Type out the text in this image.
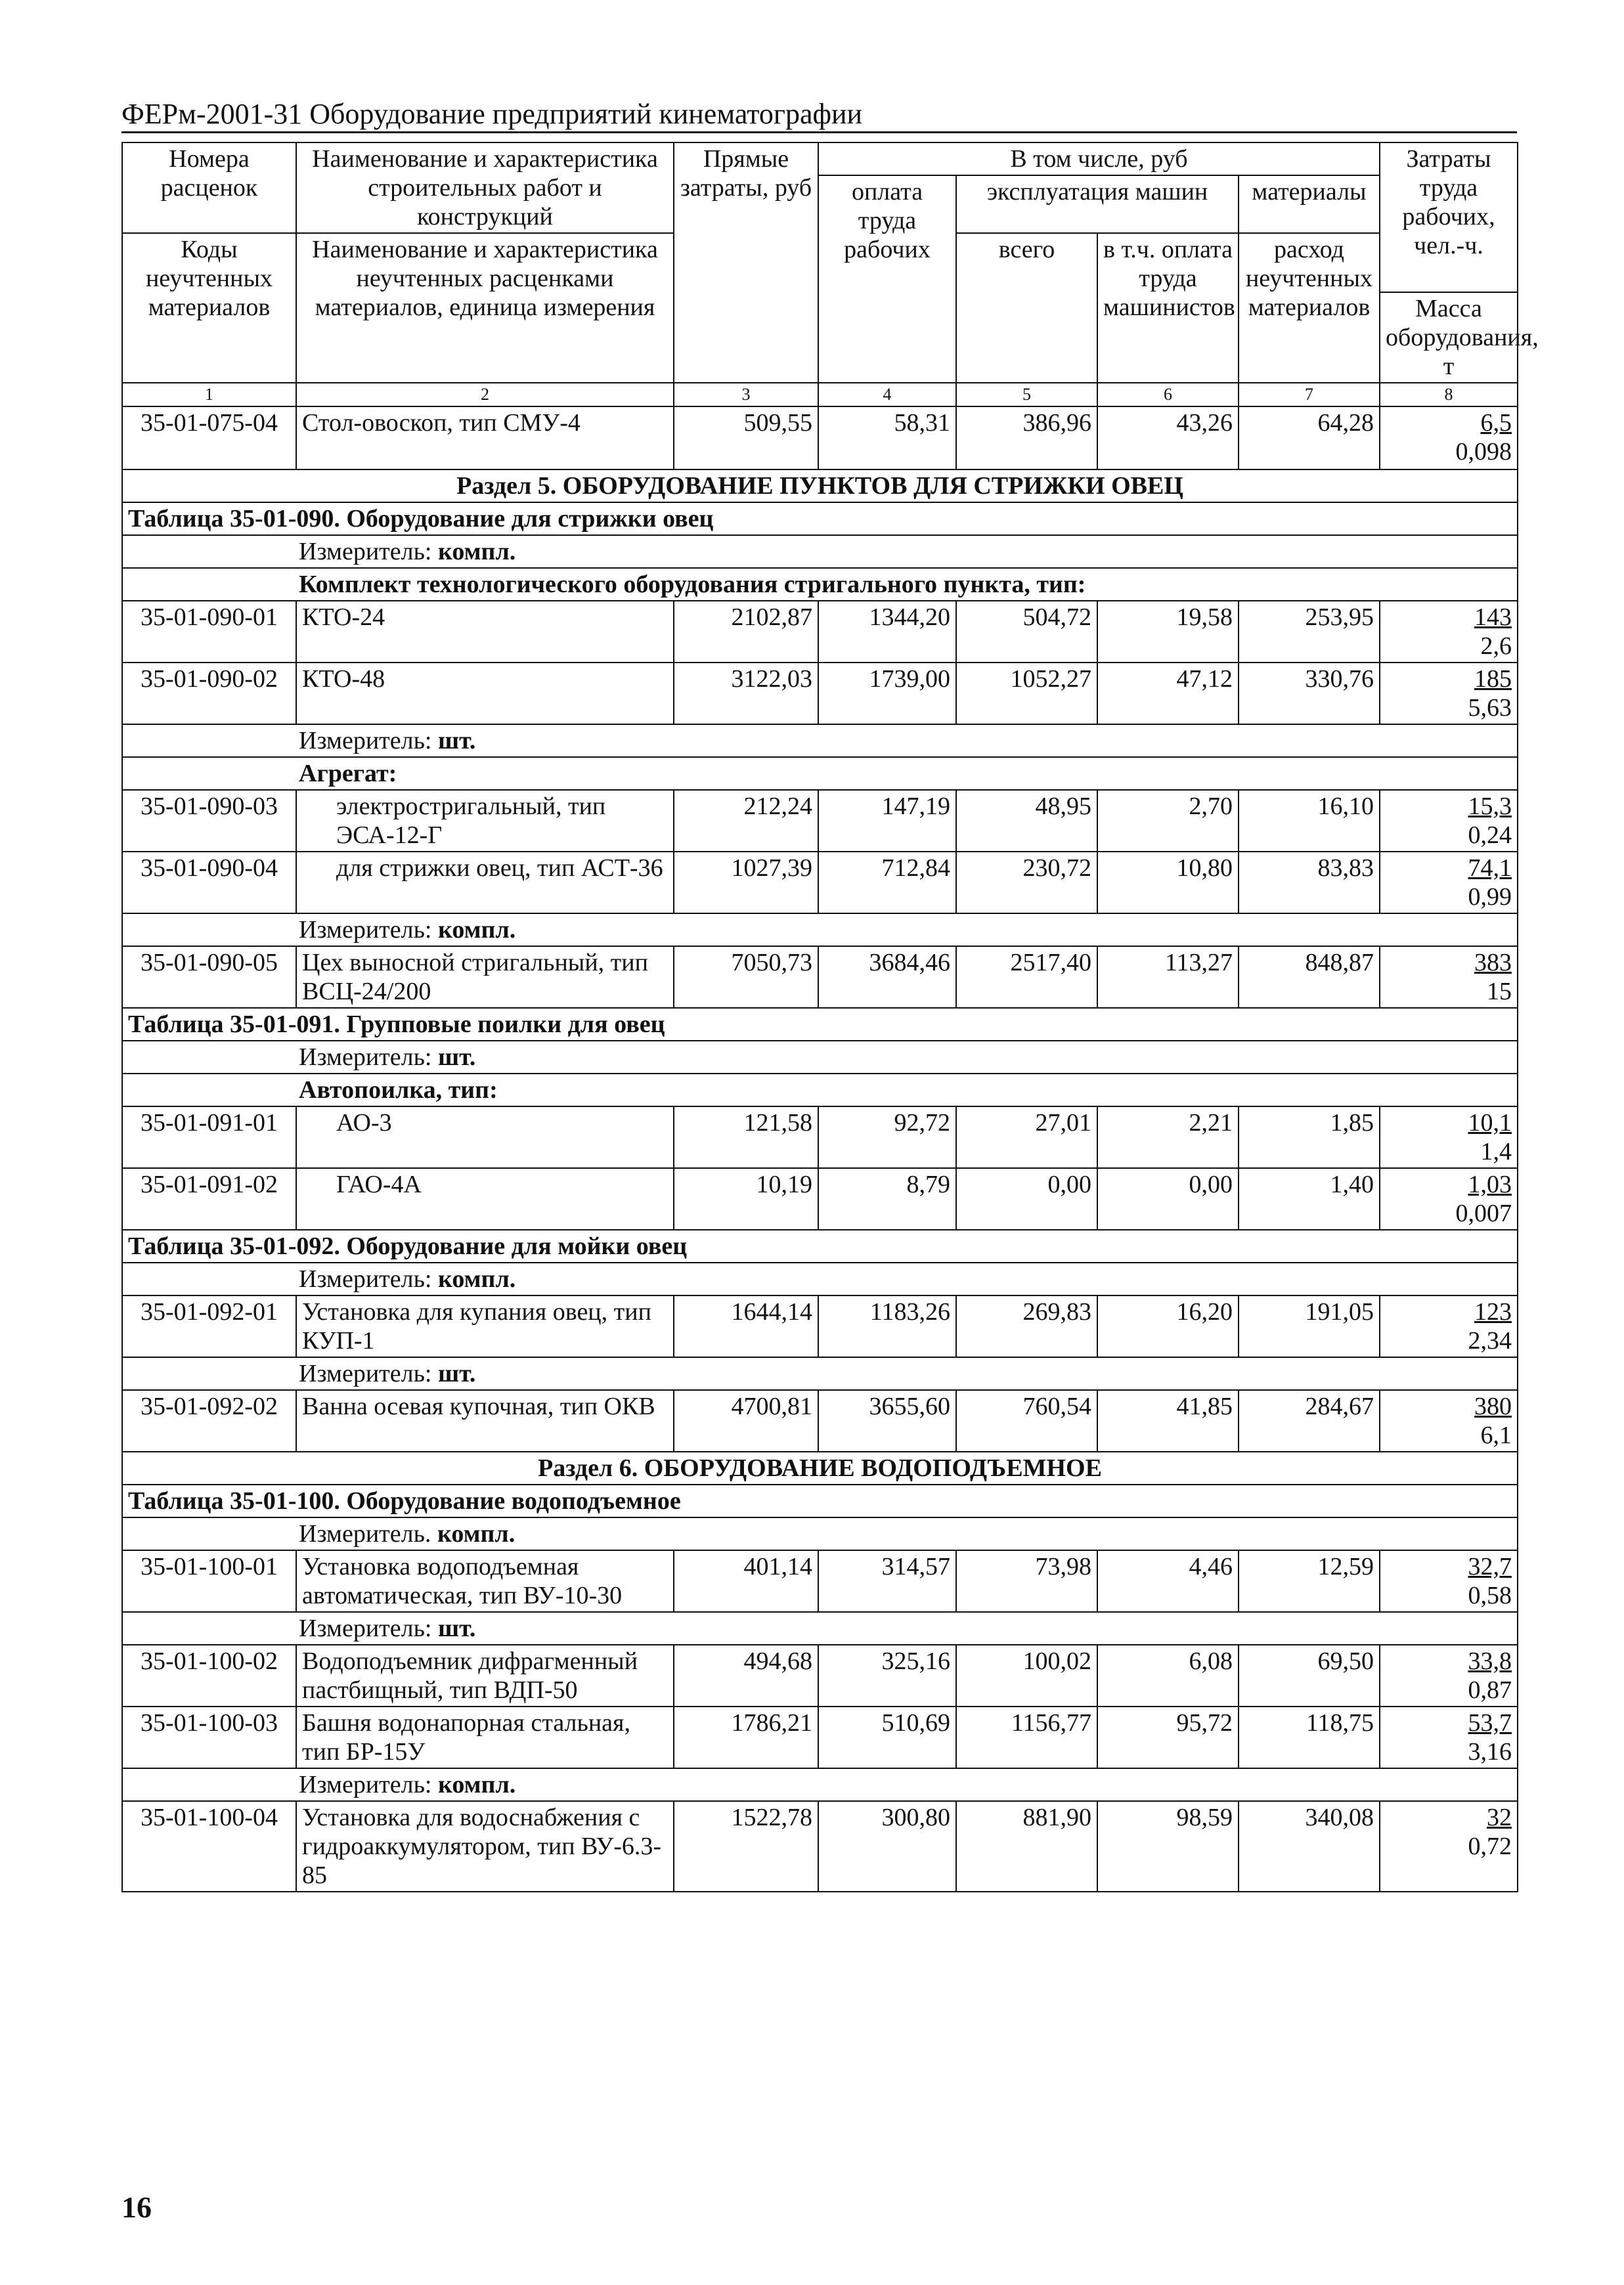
ФЕРм-2001-31 Оборудование предприятий кинематографии
Номера расценок	Наименование и характеристика строительных работ и конструкций	Прямые затраты, руб	В том числе, руб				Затраты труда рабочих, чел.-ч.
			оплата труда рабочих	эксплуатация машин		материалы	
Коды неучтенных материалов	Наименование и характеристика неучтенных расценками материалов, единица измерения			всего	в т.ч. оплата труда машинистов	расход неучтенных материалов	
							Масса оборудования, т
1	2	3	4	5	6	7	8
35-01-075-04	Стол-овоскоп, тип СМУ-4	509,55	58,31	386,96	43,26	64,28	6,5
0,098

Раздел 5. ОБОРУДОВАНИЕ ПУНКТОВ ДЛЯ СТРИЖКИ ОВЕЦ							
Таблица 35-01-090. Оборудование для стрижки овец							
Измеритель: компл.							
Комплект технологического оборудования стригального пункта, тип:							
35-01-090-01	КТО-24	2102,87	1344,20	504,72	19,58	253,95	143
2,6

35-01-090-02	КТО-48	3122,03	1739,00	1052,27	47,12	330,76	185
5,63

Измеритель: шт.							
Агрегат:							
35-01-090-03	электростригальный, тип ЭСА-12-Г	212,24	147,19	48,95	2,70	16,10	15,3
0,24

35-01-090-04	для стрижки овец, тип АСТ-36	1027,39	712,84	230,72	10,80	83,83	74,1
0,99

Измеритель: компл.							
35-01-090-05	Цех выносной стригальный, тип ВСЦ-24/200	7050,73	3684,46	2517,40	113,27	848,87	383
15

Таблица 35-01-091. Групповые поилки для овец							
Измеритель: шт.							
Автопоилка, тип:							
35-01-091-01	АО-3	121,58	92,72	27,01	2,21	1,85	10,1
1,4

35-01-091-02	ГАО-4А	10,19	8,79	0,00	0,00	1,40	1,03
0,007

Таблица 35-01-092. Оборудование для мойки овец							
Измеритель: компл.							
35-01-092-01	Установка для купания овец, тип КУП-1	1644,14	1183,26	269,83	16,20	191,05	123
2,34

Измеритель: шт.							
35-01-092-02	Ванна осевая купочная, тип ОКВ	4700,81	3655,60	760,54	41,85	284,67	380
6,1

Раздел 6. ОБОРУДОВАНИЕ ВОДОПОДЪЕМНОЕ							
Таблица 35-01-100. Оборудование водоподъемное							
Измеритель. компл.							
35-01-100-01	Установка водоподъемная автоматическая, тип ВУ-10-30	401,14	314,57	73,98	4,46	12,59	32,7
0,58

Измеритель: шт.							
35-01-100-02	Водоподъемник дифрагменный пастбищный, тип ВДП-50	494,68	325,16	100,02	6,08	69,50	33,8
0,87

35-01-100-03	Башня водонапорная стальная, тип БР-15У	1786,21	510,69	1156,77	95,72	118,75	53,7
3,16

Измеритель: компл.							
35-01-100-04	Установка для водоснабжения с гидроаккумулятором, тип ВУ-6.3-85	1522,78	300,80	881,90	98,59	340,08	32
0,72
16
